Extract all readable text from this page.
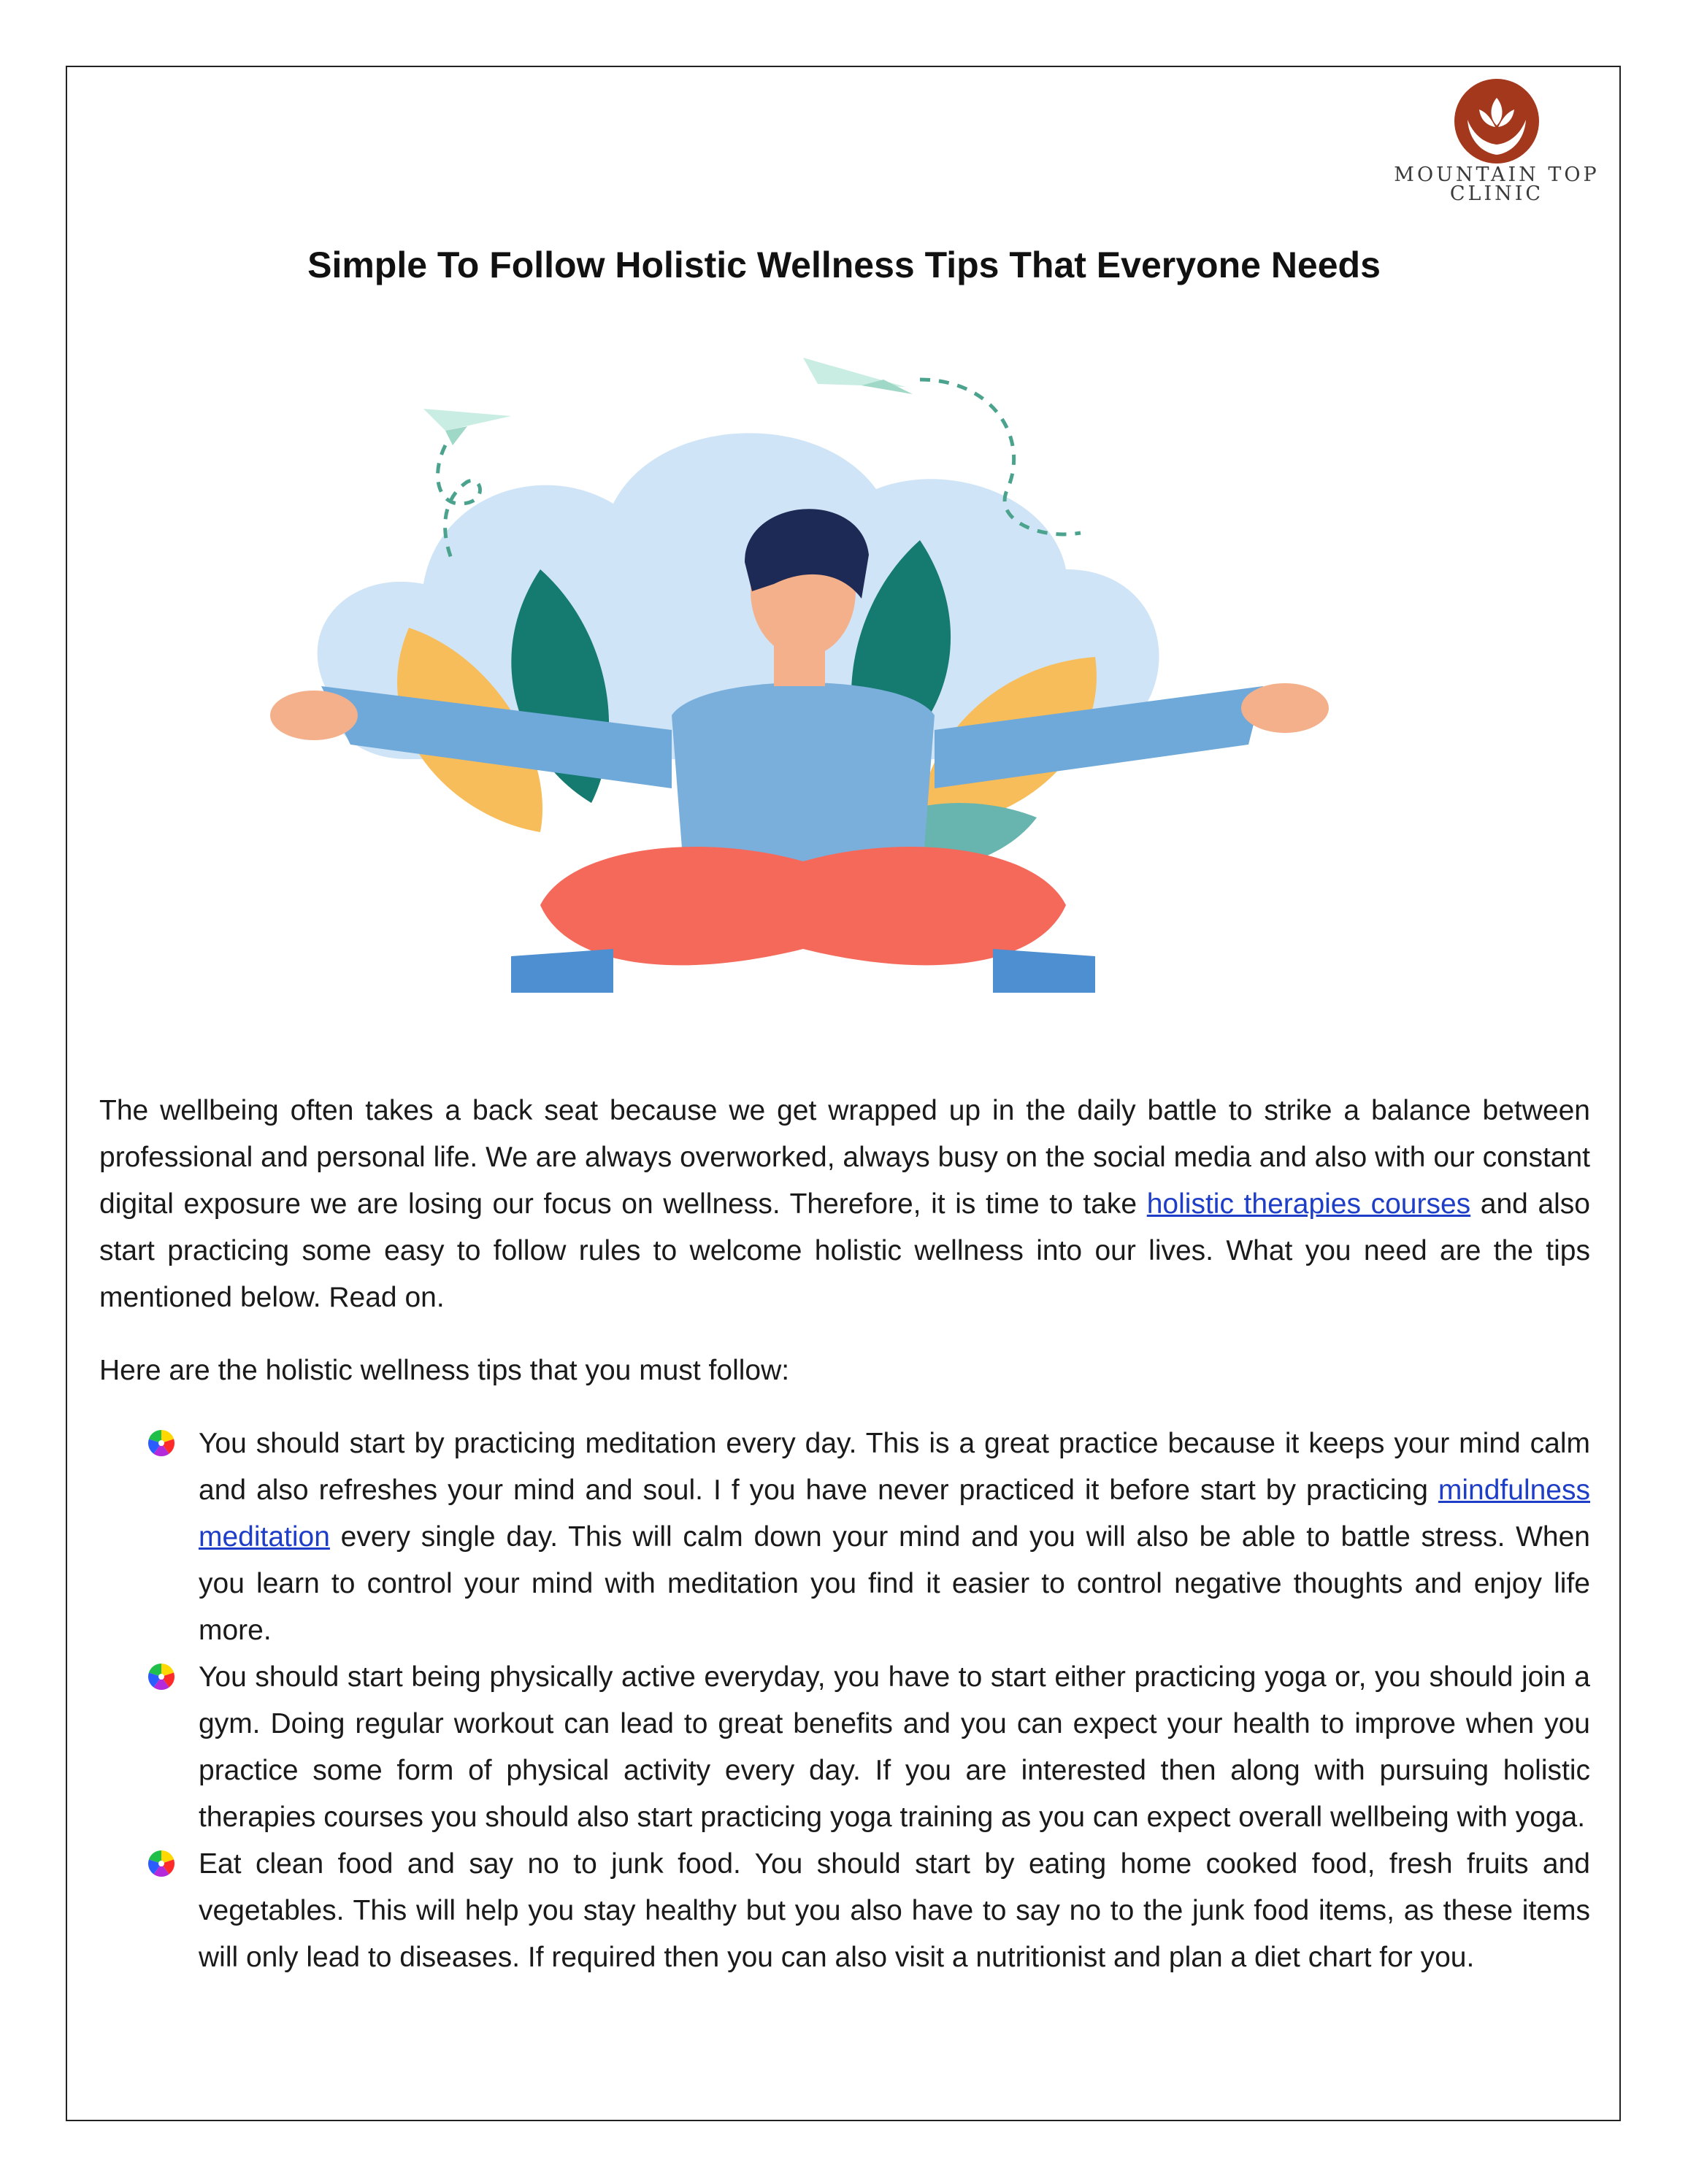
MOUNTAIN TOP
CLINIC
Simple To Follow Holistic Wellness Tips That Everyone Needs

The wellbeing often takes a back seat because we get wrapped up in the daily battle to strike a balance between professional and personal life. We are always overworked, always busy on the social media and also with our constant digital exposure we are losing our focus on wellness. Therefore, it is time to take holistic therapies courses and also start practicing some easy to follow rules to welcome holistic wellness into our lives. What you need are the tips mentioned below. Read on.

Here are the holistic wellness tips that you must follow:

You should start by practicing meditation every day. This is a great practice because it keeps your mind calm and also refreshes your mind and soul. I f you have never practiced it before start by practicing mindfulness meditation every single day. This will calm down your mind and you will also be able to battle stress. When you learn to control your mind with meditation you find it easier to control negative thoughts and enjoy life more.
You should start being physically active everyday, you have to start either practicing yoga or, you should join a gym. Doing regular workout can lead to great benefits and you can expect your health to improve when you practice some form of physical activity every day. If you are interested then along with pursuing holistic therapies courses you should also start practicing yoga training as you can expect overall wellbeing with yoga.
Eat clean food and say no to junk food. You should start by eating home cooked food, fresh fruits and vegetables. This will help you stay healthy but you also have to say no to the junk food items, as these items will only lead to diseases. If required then you can also visit a nutritionist and plan a diet chart for you.
